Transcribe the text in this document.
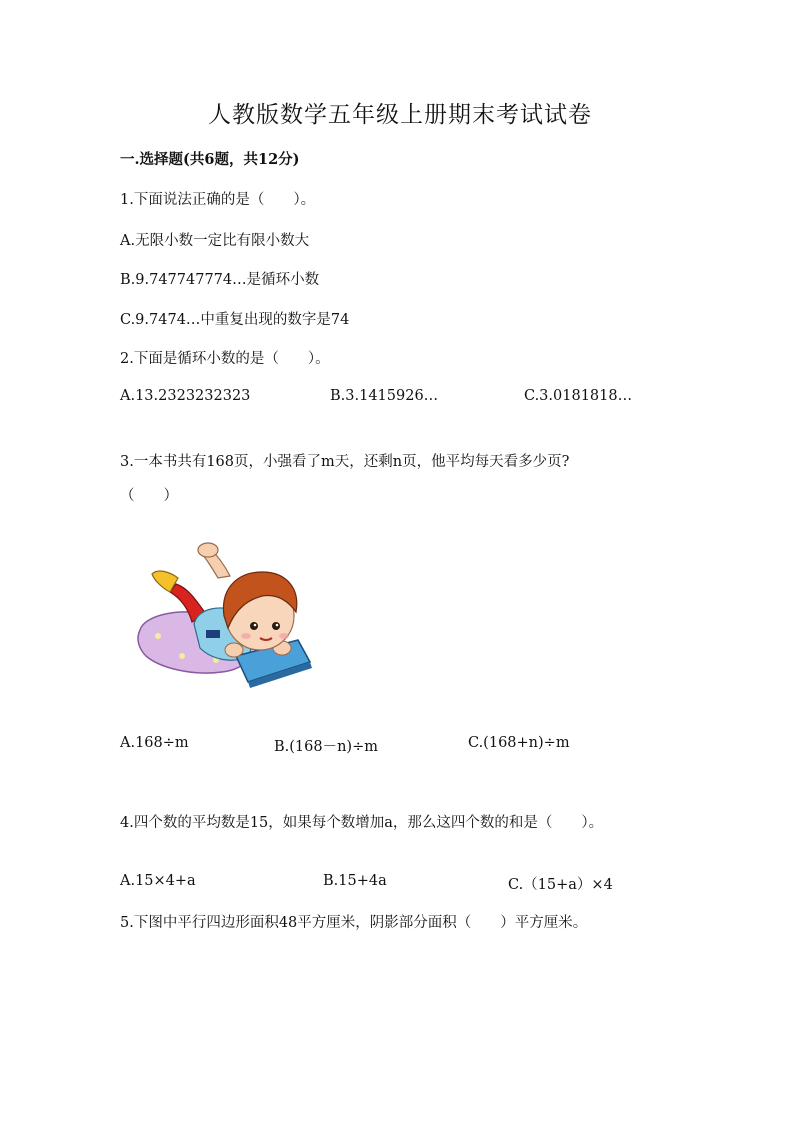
人教版数学五年级上册期末考试试卷
一.选择题(共6题，共12分)
1.下面说法正确的是（　　）。
A.无限小数一定比有限小数大
B.9.747747774…是循环小数
C.9.7474…中重复出现的数字是74
2.下面是循环小数的是（　　）。
A.13.2323232323	B.3.1415926…	C.3.0181818…
3.一本书共有168页，小强看了m天，还剩n页，他平均每天看多少页?
（　　）
A.168÷m	B.(168－n)÷m	C.(168+n)÷m
4.四个数的平均数是15，如果每个数增加a，那么这四个数的和是（　　）。
A.15×4+a	B.15+4a	C.（15+a）×4
5.下图中平行四边形面积48平方厘米，阴影部分面积（　　）平方厘米。
